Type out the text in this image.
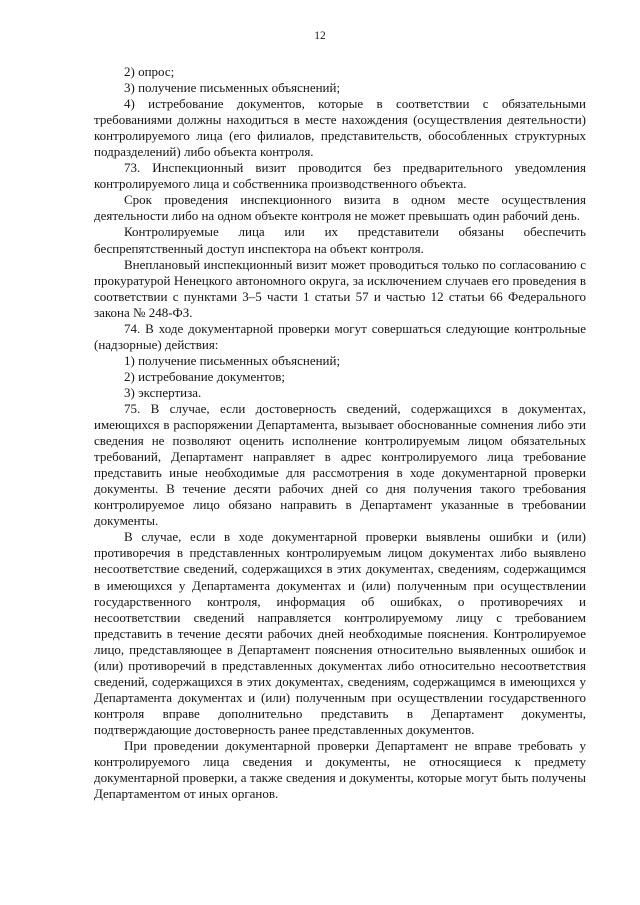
12

2) опрос;

3) получение письменных объяснений;

4) истребование документов, которые в соответствии с обязательными требованиями должны находиться в месте нахождения (осуществления деятельности) контролируемого лица (его филиалов, представительств, обособленных структурных подразделений) либо объекта контроля.

73. Инспекционный визит проводится без предварительного уведомления контролируемого лица и собственника производственного объекта.

Срок проведения инспекционного визита в одном месте осуществления деятельности либо на одном объекте контроля не может превышать один рабочий день.

Контролируемые лица или их представители обязаны обеспечить беспрепятственный доступ инспектора на объект контроля.

Внеплановый инспекционный визит может проводиться только по согласованию с прокуратурой Ненецкого автономного округа, за исключением случаев его проведения в соответствии с пунктами 3–5 части 1 статьи 57 и частью 12 статьи 66 Федерального закона № 248-ФЗ.

74. В ходе документарной проверки могут совершаться следующие контрольные (надзорные) действия:

1) получение письменных объяснений;

2) истребование документов;

3) экспертиза.

75. В случае, если достоверность сведений, содержащихся в документах, имеющихся в распоряжении Департамента, вызывает обоснованные сомнения либо эти сведения не позволяют оценить исполнение контролируемым лицом обязательных требований, Департамент направляет в адрес контролируемого лица требование представить иные необходимые для рассмотрения в ходе документарной проверки документы. В течение десяти рабочих дней со дня получения такого требования контролируемое лицо обязано направить в Департамент указанные в требовании документы.

В случае, если в ходе документарной проверки выявлены ошибки и (или) противоречия в представленных контролируемым лицом документах либо выявлено несоответствие сведений, содержащихся в этих документах, сведениям, содержащимся в имеющихся у Департамента документах и (или) полученным при осуществлении государственного контроля, информация об ошибках, о противоречиях и несоответствии сведений направляется контролируемому лицу с требованием представить в течение десяти рабочих дней необходимые пояснения. Контролируемое лицо, представляющее в Департамент пояснения относительно выявленных ошибок и (или) противоречий в представленных документах либо относительно несоответствия сведений, содержащихся в этих документах, сведениям, содержащимся в имеющихся у Департамента документах и (или) полученным при осуществлении государственного контроля вправе дополнительно представить в Департамент документы, подтверждающие достоверность ранее представленных документов.

При проведении документарной проверки Департамент не вправе требовать у контролируемого лица сведения и документы, не относящиеся к предмету документарной проверки, а также сведения и документы, которые могут быть получены Департаментом от иных органов.
